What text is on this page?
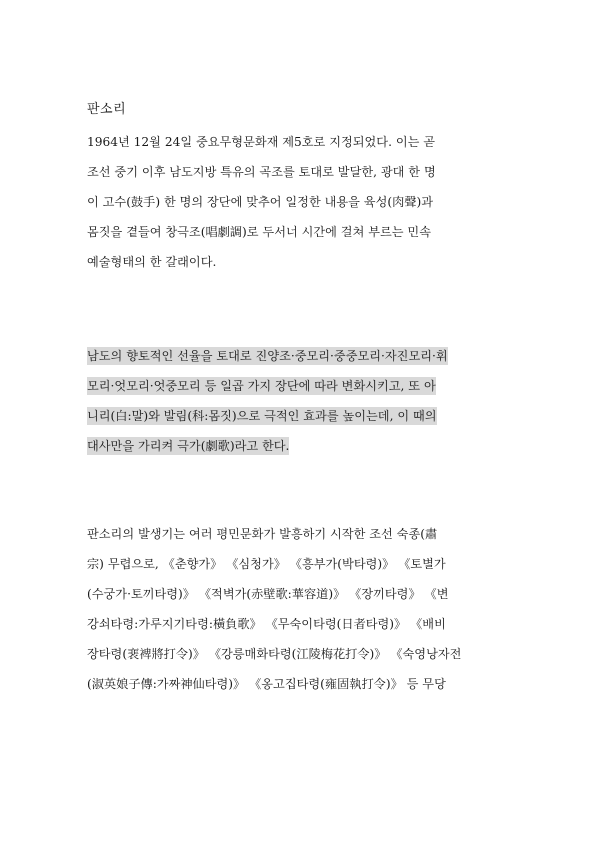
판소리
1964년 12월 24일 중요무형문화재 제5호로 지정되었다. 이는 곧
조선 중기 이후 남도지방 특유의 곡조를 토대로 발달한, 광대 한 명
이 고수(鼓手) 한 명의 장단에 맞추어 일정한 내용을 육성(肉聲)과
몸짓을 곁들여 창극조(唱劇調)로 두서너 시간에 걸쳐 부르는 민속
예술형태의 한 갈래이다.
남도의 향토적인 선율을 토대로 진양조·중모리·중중모리·자진모리·휘
모리·엇모리·엇중모리 등 일곱 가지 장단에 따라 변화시키고, 또 아
니리(白:말)와 발림(科:몸짓)으로 극적인 효과를 높이는데, 이 때의
대사만을 가리켜 극가(劇歌)라고 한다.
판소리의 발생기는 여러 평민문화가 발흥하기 시작한 조선 숙종(肅
宗) 무렵으로, 《춘향가》 《심청가》 《흥부가(박타령)》 《토별가
(수궁가·토끼타령)》 《적벽가(赤壁歌:華容道)》 《장끼타령》 《변
강쇠타령:가루지기타령:橫負歌》 《무숙이타령(日者타령)》 《배비
장타령(裵裨將打令)》 《강릉매화타령(江陵梅花打令)》 《숙영낭자전
(淑英娘子傳:가짜神仙타령)》 《옹고집타령(雍固執打令)》 등 무당
